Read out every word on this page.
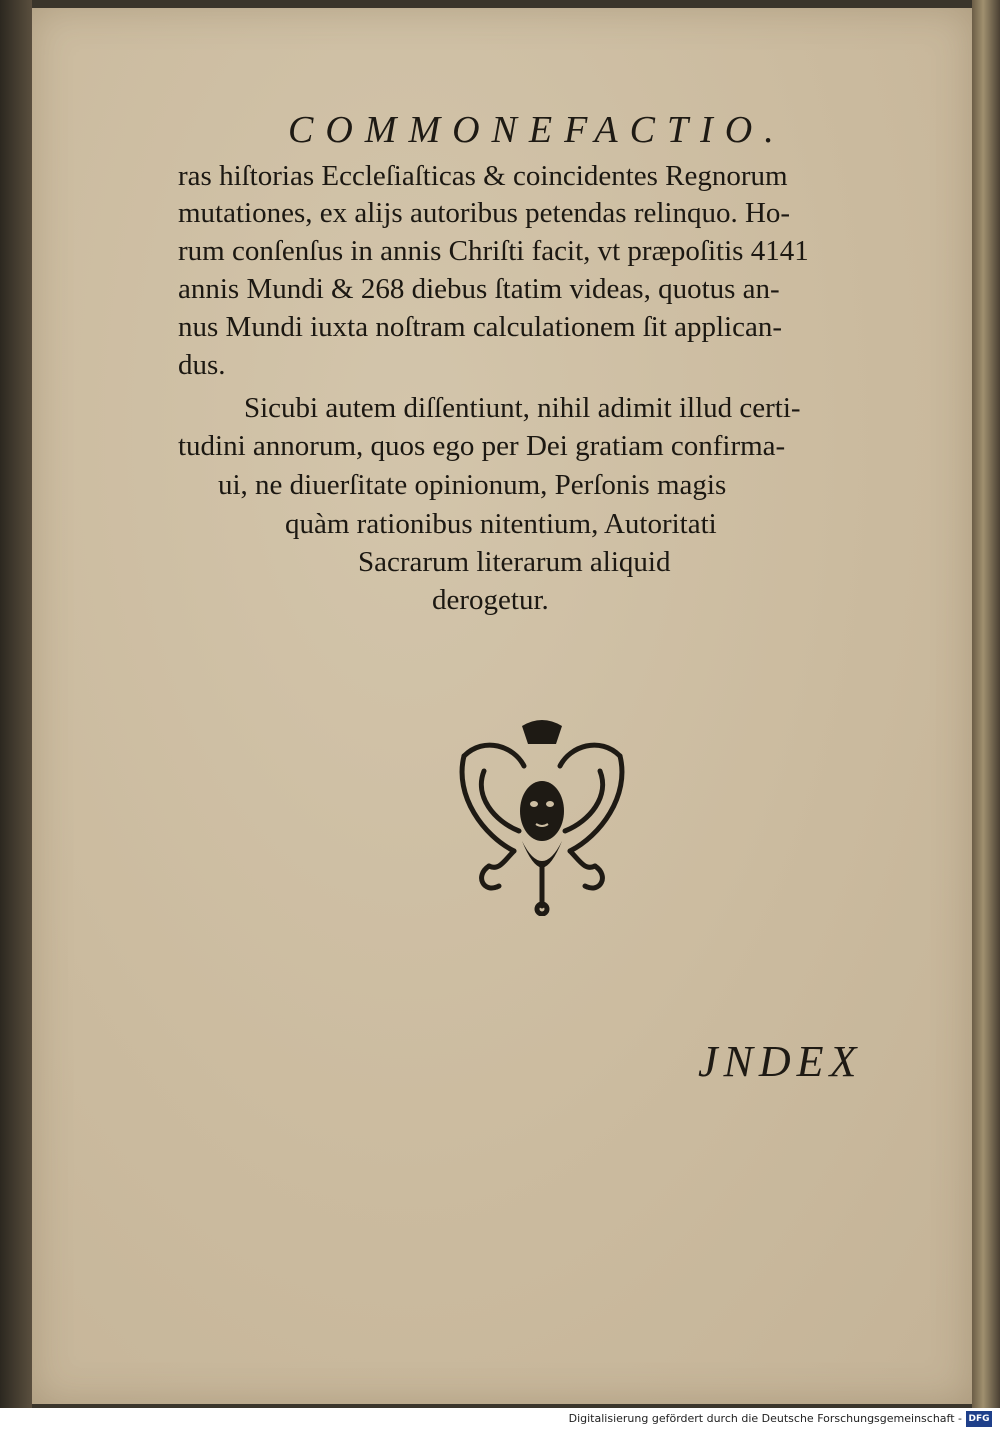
COMMONEFACTIO.
ras hiſtorias Eccleſiaſticas & coincidentes Regnorum
mutationes, ex alijs autoribus petendas relinquo. Ho-
rum conſenſus in annis Chriſti facit, vt præpoſitis 4141
annis Mundi & 268 diebus ſtatim videas, quotus an-
nus Mundi iuxta noſtram calculationem ſit applican-
dus.
Sicubi autem diſſentiunt, nihil adimit illud certi-
tudini annorum, quos ego per Dei gratiam confirma-
ui, ne diuerſitate opinionum, Perſonis magis
quàm rationibus nitentium, Autoritati
Sacrarum literarum aliquid
derogetur.
JNDEX
Digitalisierung gefördert durch die Deutsche Forschungsgemeinschaft - DFG
